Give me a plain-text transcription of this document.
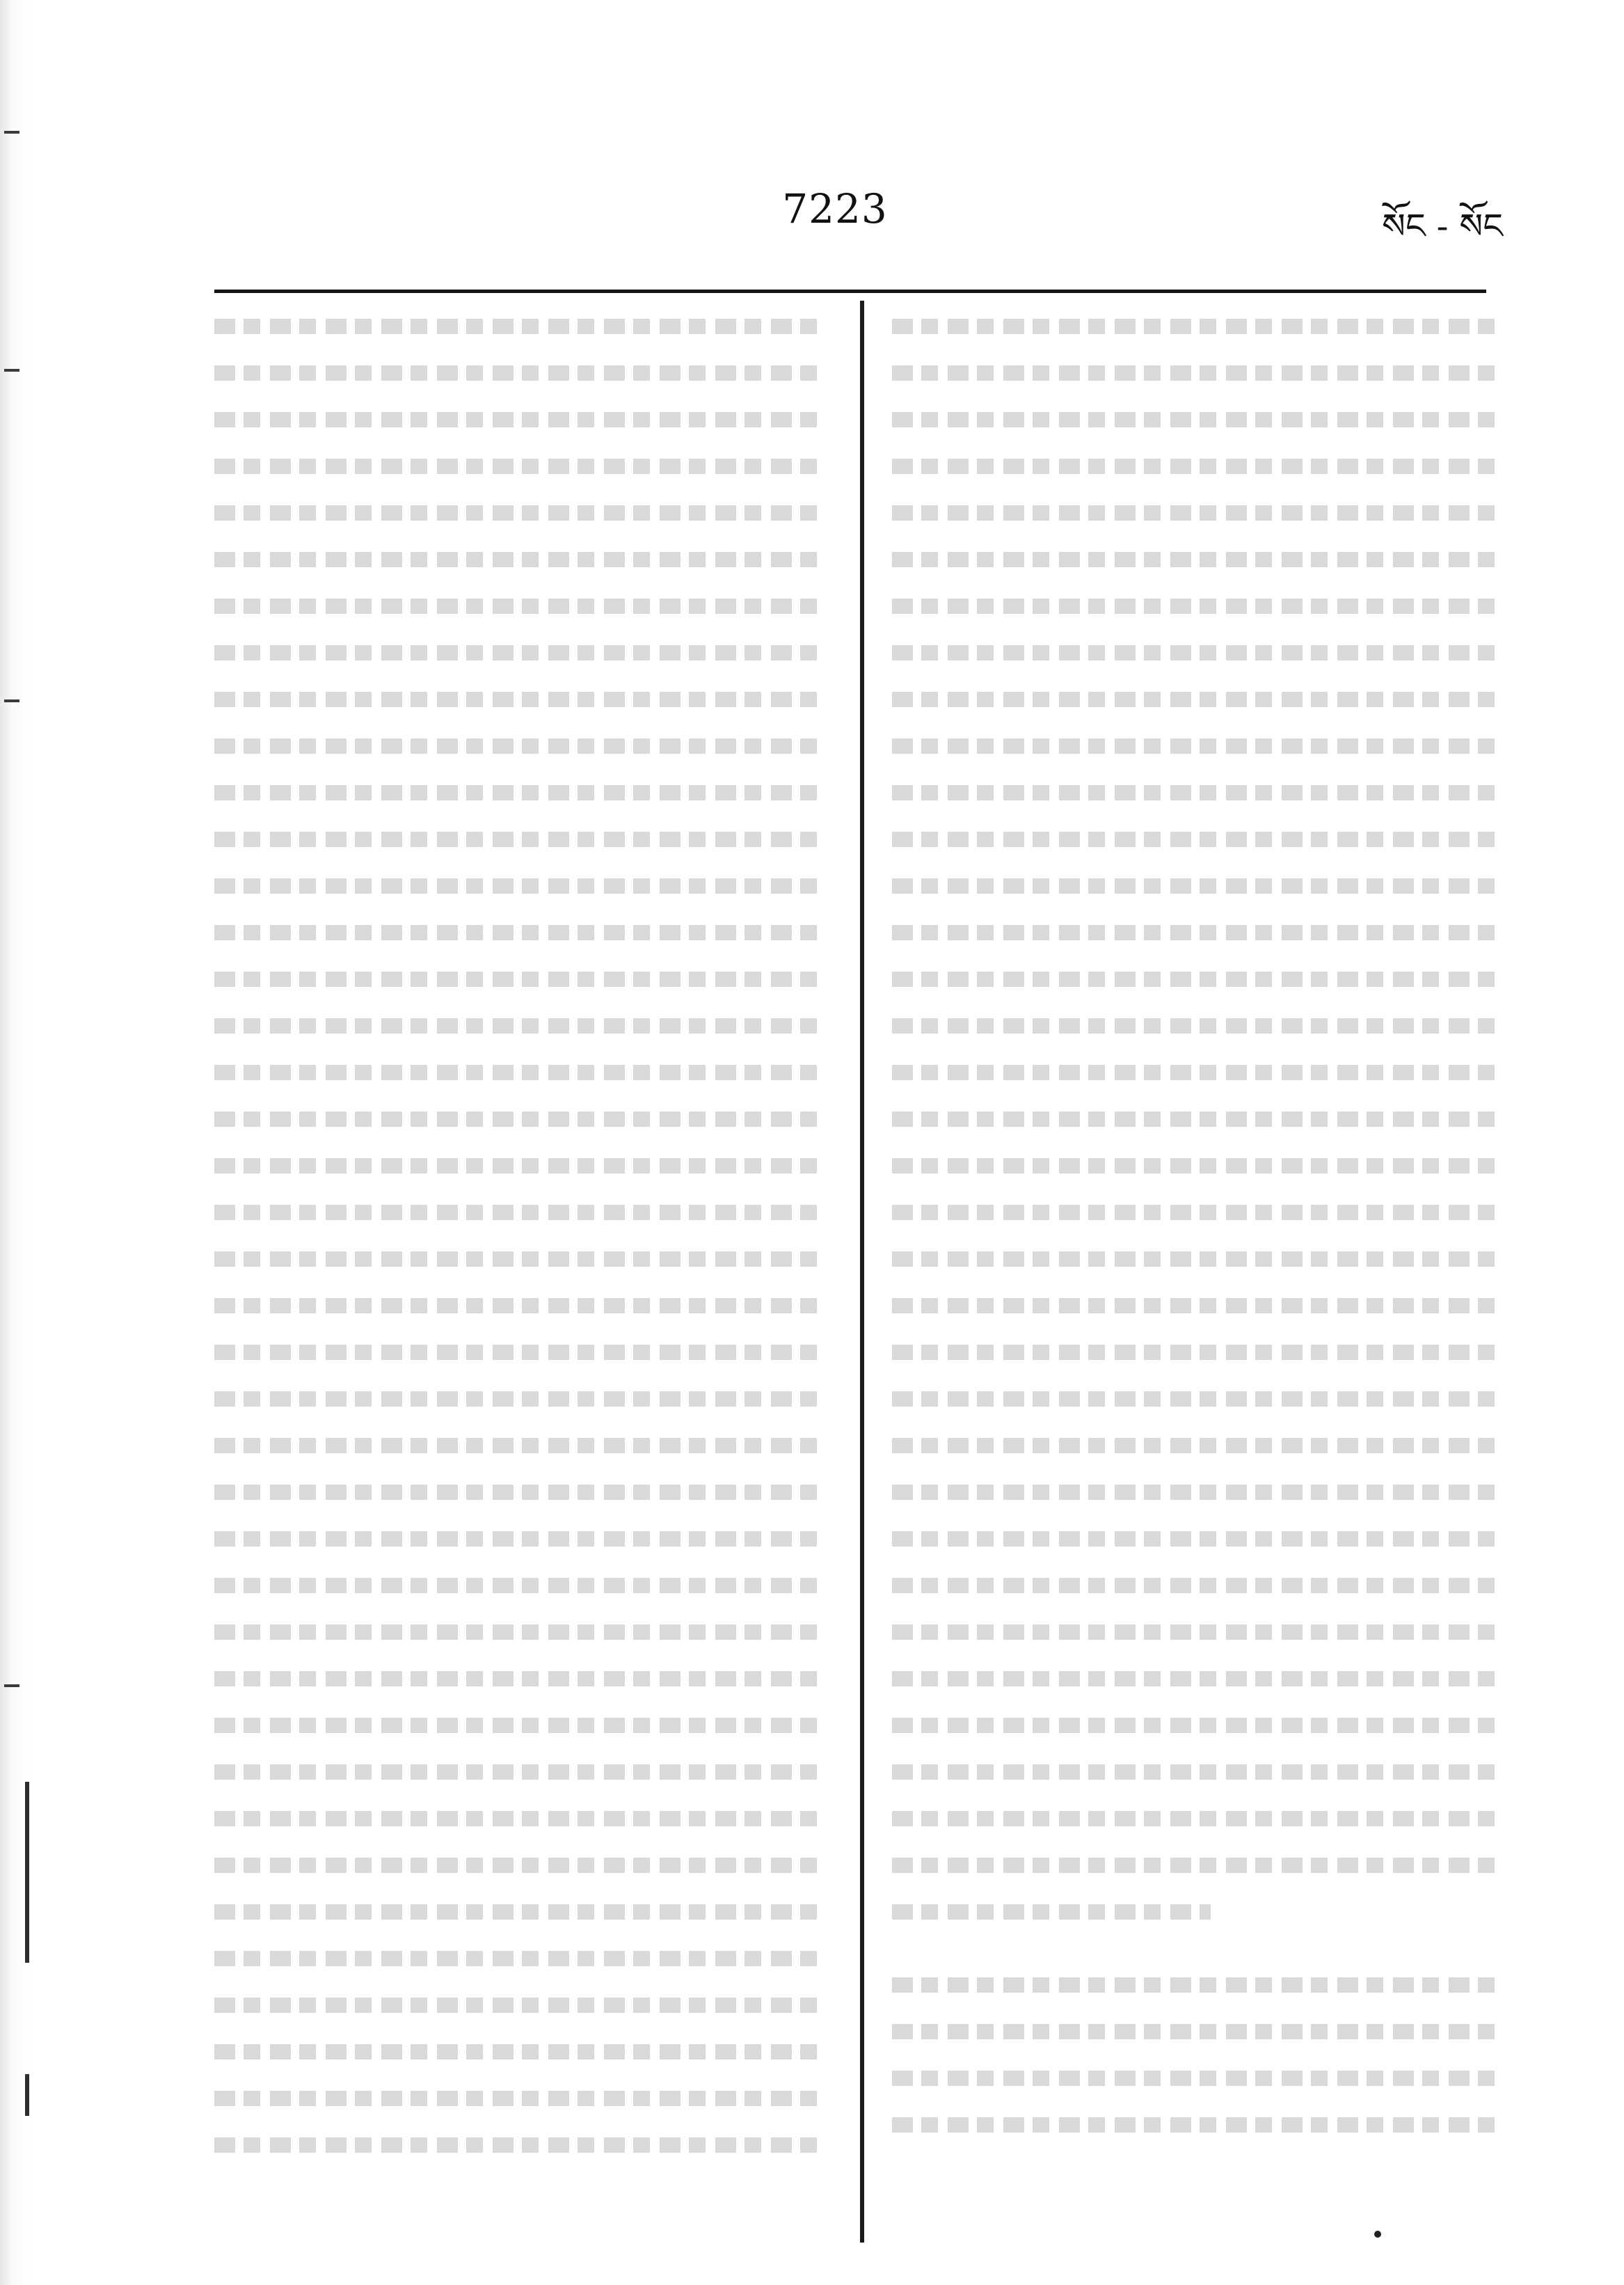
7223	སོང - སོང
